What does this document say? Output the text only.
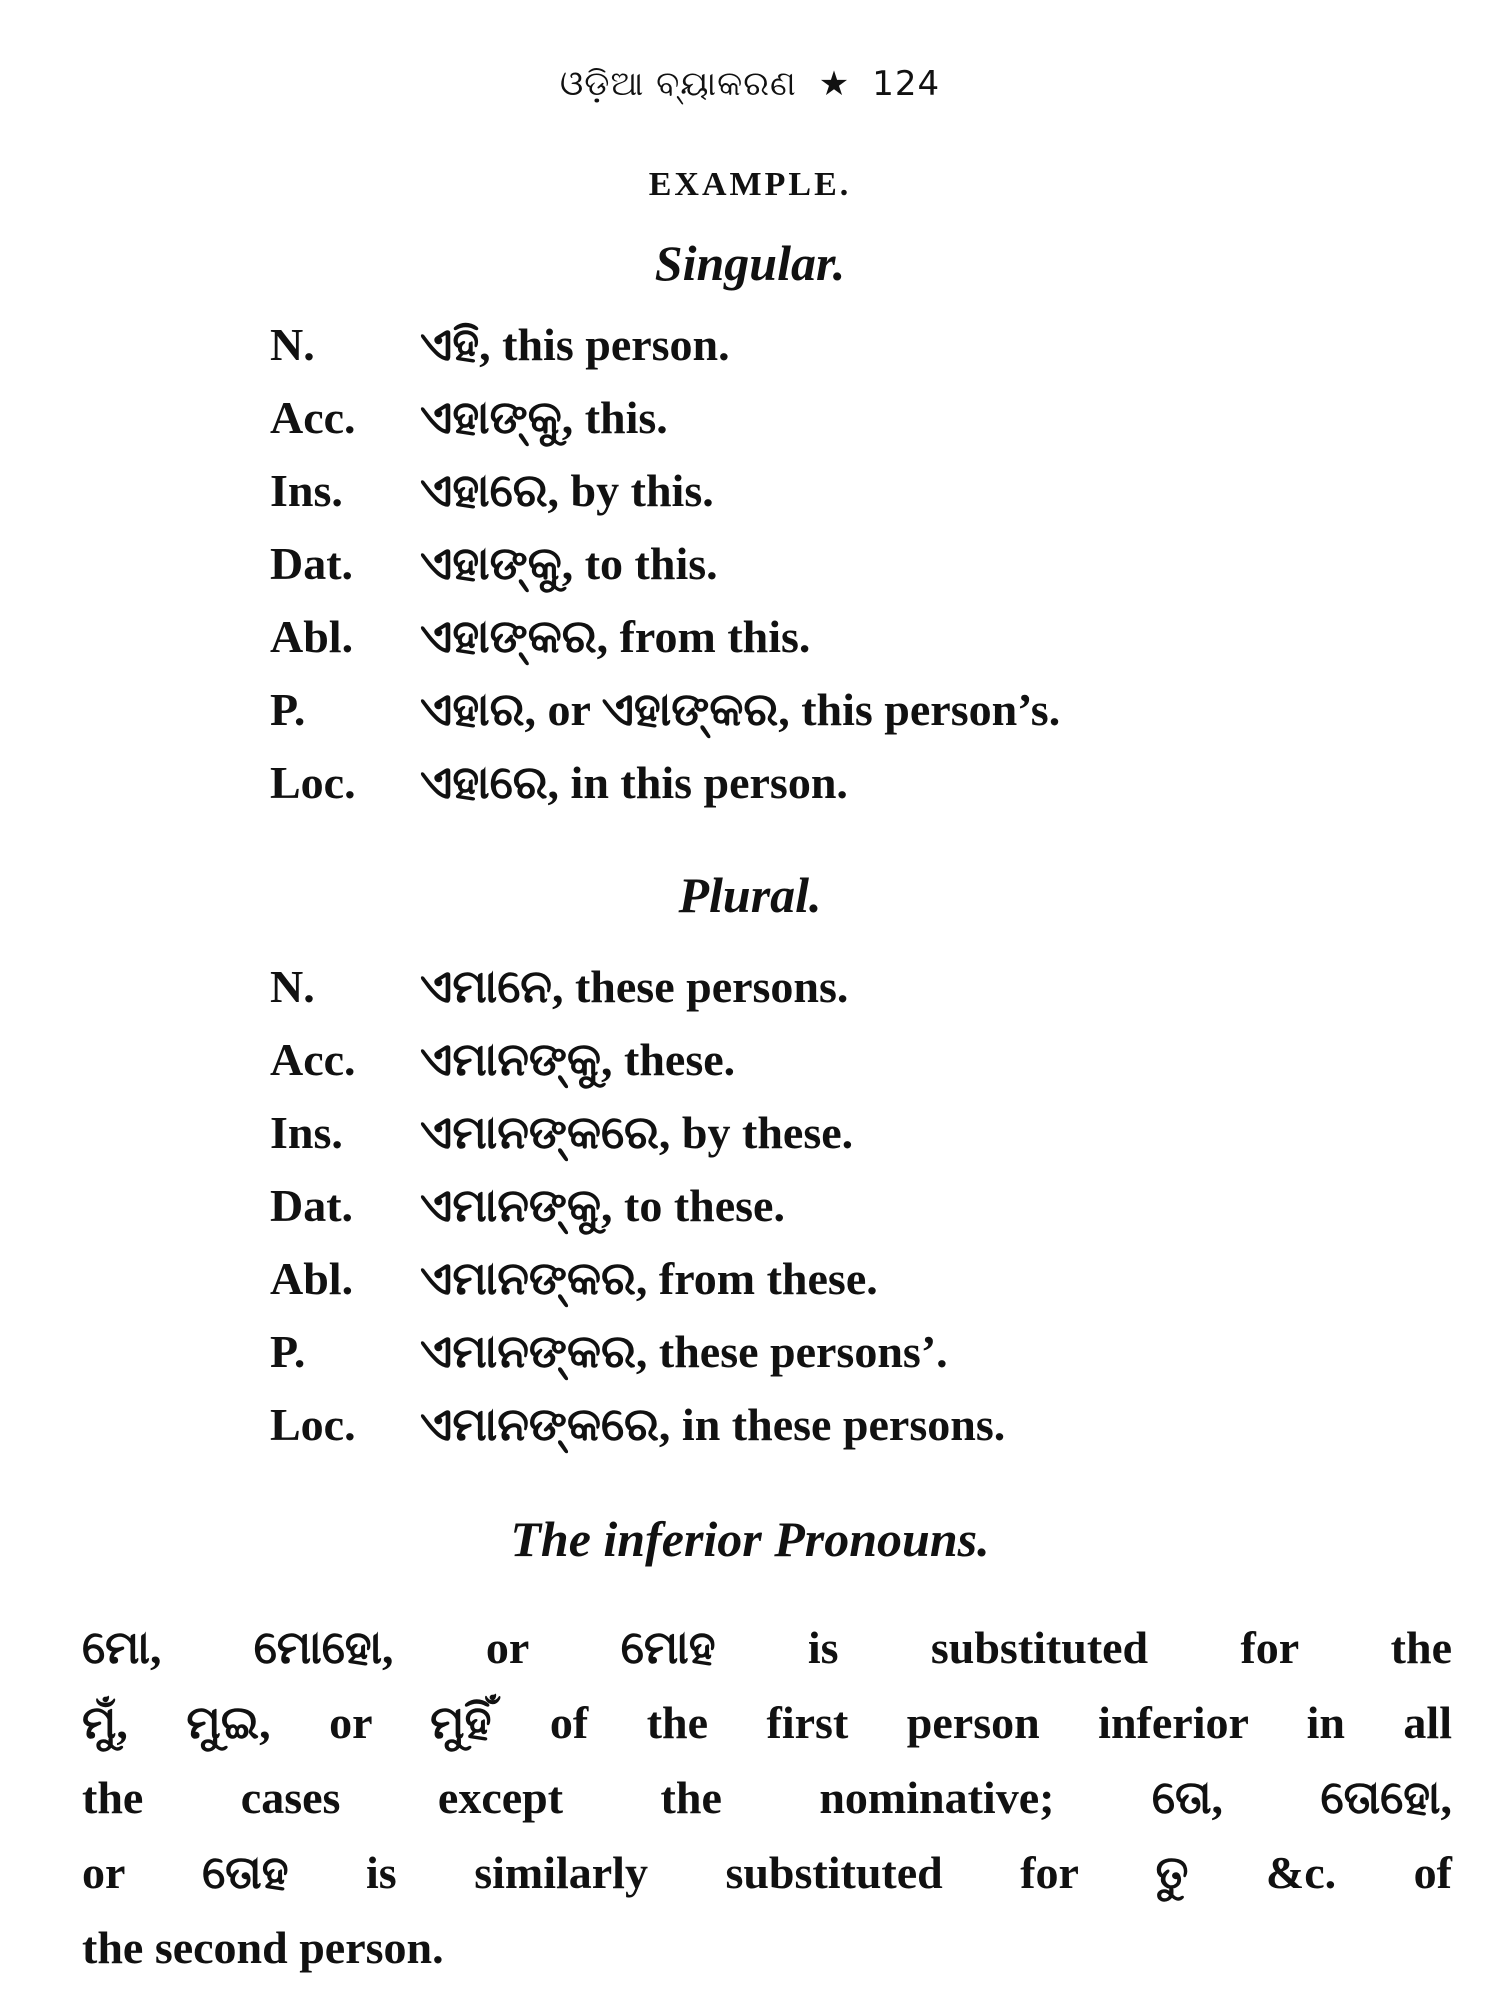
ଓଡ଼ିଆ ବ୍ୟାକରଣ ★ 124
EXAMPLE.
Singular.
N.	ଏହି, this person.
Acc.	ଏହାଙ୍କୁ, this.
Ins.	ଏହାରେ, by this.
Dat.	ଏହାଙ୍କୁ, to this.
Abl.	ଏହାଙ୍କର, from this.
P.	ଏହାର, or ଏହାଙ୍କର, this person’s.
Loc.	ଏହାରେ, in this person.
Plural.
N.	ଏମାନେ, these persons.
Acc.	ଏମାନଙ୍କୁ, these.
Ins.	ଏମାନଙ୍କରେ, by these.
Dat.	ଏମାନଙ୍କୁ, to these.
Abl.	ଏମାନଙ୍କର, from these.
P.	ଏମାନଙ୍କର, these persons’.
Loc.	ଏମାନଙ୍କରେ, in these persons.
The inferior Pronouns.
ମୋ, ମୋହୋ, or ମୋହ is substituted for the
ମୁଁ, ମୁଇ, or ମୁହିଁ of the first person inferior in all
the cases except the nominative; ତୋ, ତୋହୋ,
or ତୋହ is similarly substituted for ତୁ &c. of
the second person.
